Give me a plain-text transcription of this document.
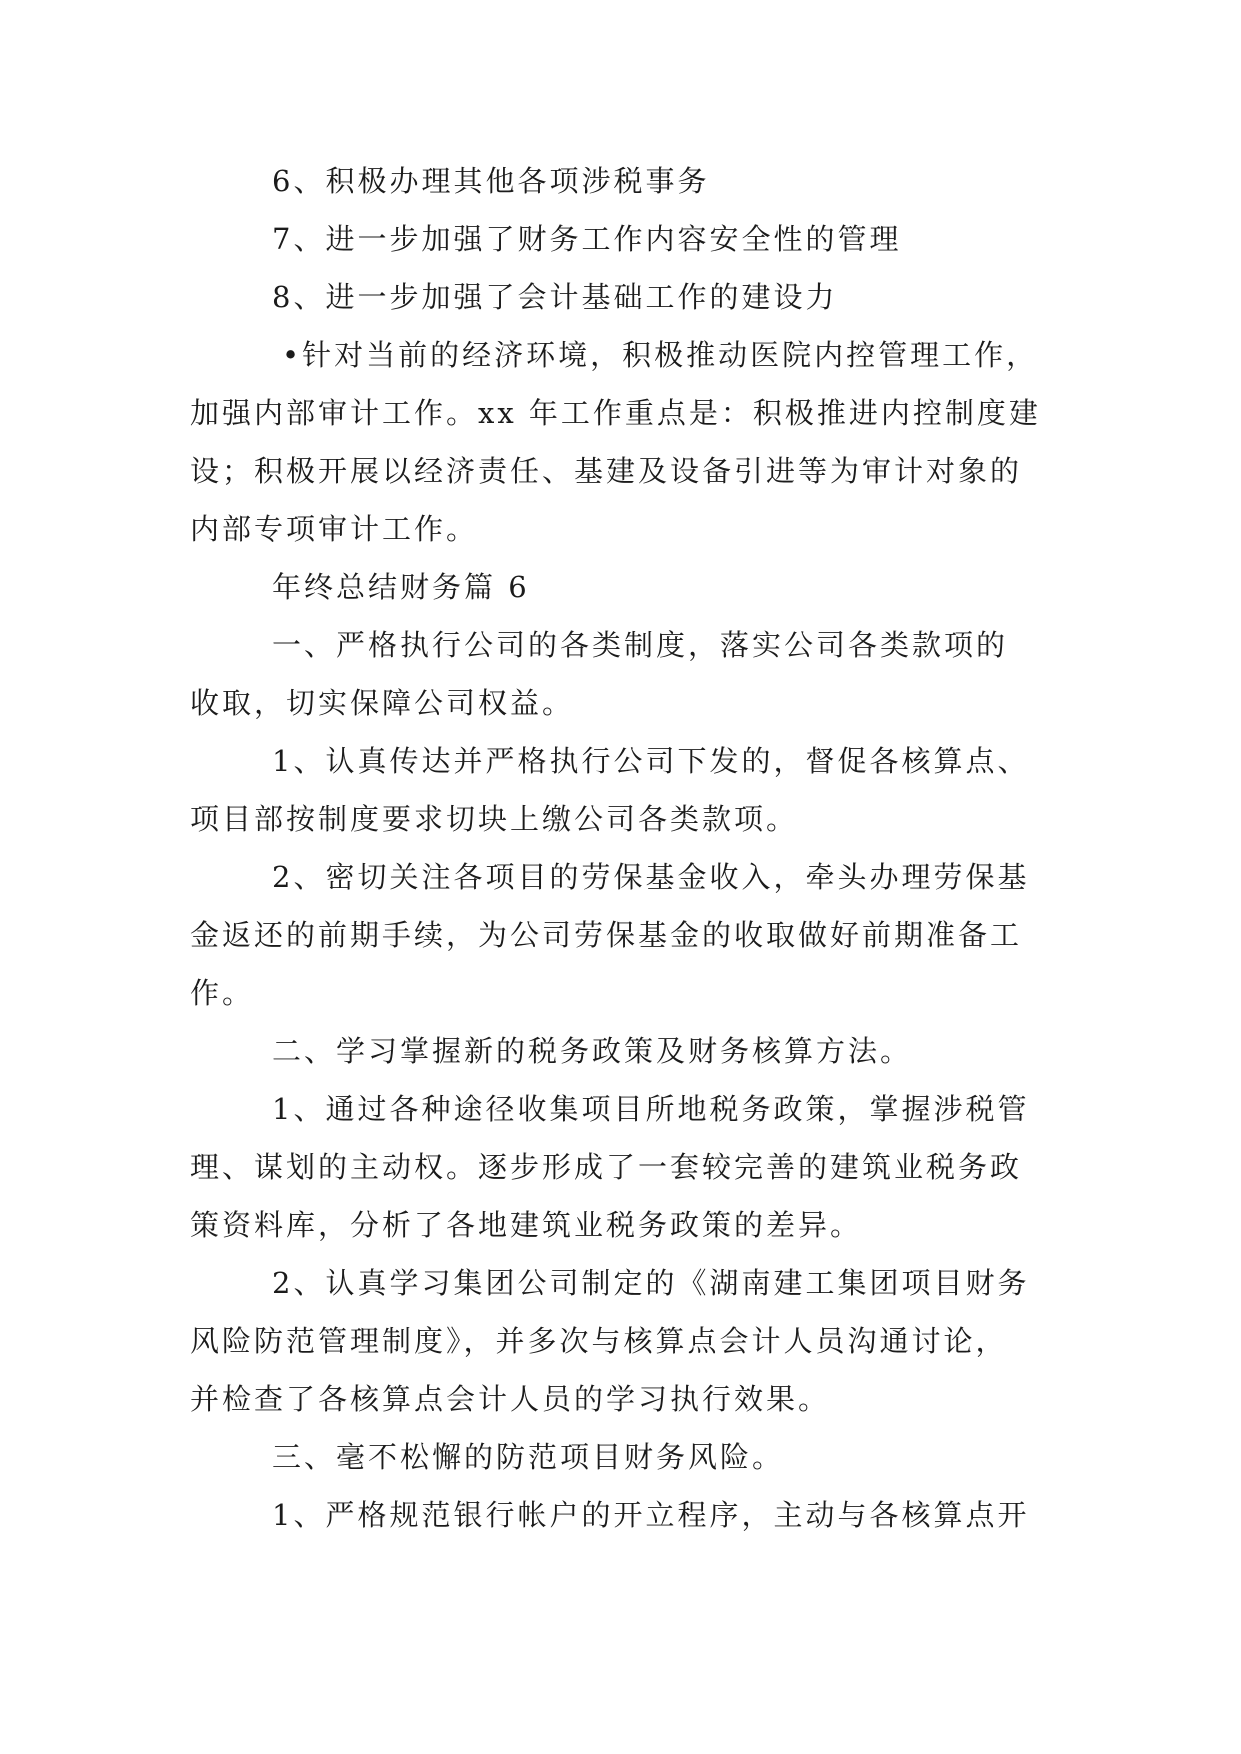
6、积极办理其他各项涉税事务
7、进一步加强了财务工作内容安全性的管理
8、进一步加强了会计基础工作的建设力
•针对当前的经济环境，积极推动医院内控管理工作，
加强内部审计工作。xx 年工作重点是：积极推进内控制度建
设；积极开展以经济责任、基建及设备引进等为审计对象的
内部专项审计工作。
年终总结财务篇 6
一、严格执行公司的各类制度，落实公司各类款项的
收取，切实保障公司权益。
1、认真传达并严格执行公司下发的，督促各核算点、
项目部按制度要求切块上缴公司各类款项。
2、密切关注各项目的劳保基金收入，牵头办理劳保基
金返还的前期手续，为公司劳保基金的收取做好前期准备工
作。
二、学习掌握新的税务政策及财务核算方法。
1、通过各种途径收集项目所地税务政策，掌握涉税管
理、谋划的主动权。逐步形成了一套较完善的建筑业税务政
策资料库，分析了各地建筑业税务政策的差异。
2、认真学习集团公司制定的《湖南建工集团项目财务
风险防范管理制度》，并多次与核算点会计人员沟通讨论，
并检查了各核算点会计人员的学习执行效果。
三、毫不松懈的防范项目财务风险。
1、严格规范银行帐户的开立程序，主动与各核算点开
